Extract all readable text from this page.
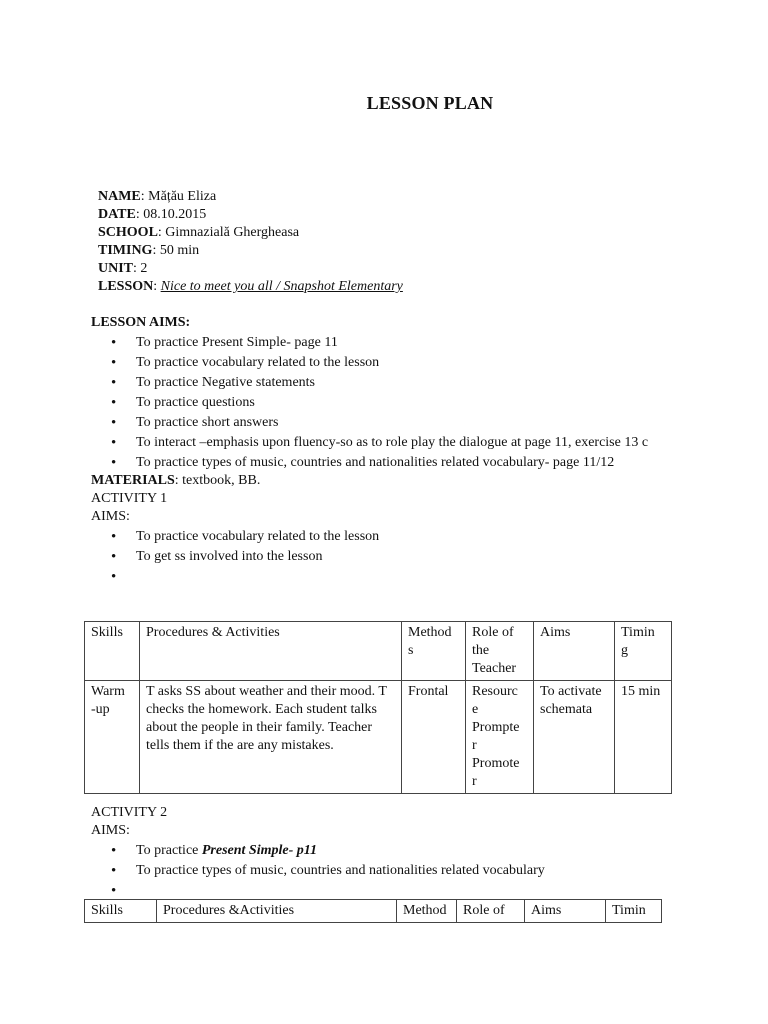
LESSON PLAN
NAME: Mățău Eliza
DATE: 08.10.2015
SCHOOL: Gimnazială Ghergheasa
TIMING: 50 min
UNIT: 2
LESSON: Nice to meet you all / Snapshot Elementary
LESSON AIMS:
• To practice Present Simple- page 11
• To practice vocabulary related to the lesson
• To practice Negative statements
• To practice questions
• To practice short answers
• To interact –emphasis upon fluency-so as to role play the dialogue at page 11, exercise 13 c
• To practice types of music, countries and nationalities related vocabulary- page 11/12
MATERIALS: textbook, BB.
ACTIVITY 1
AIMS:
• To practice vocabulary related to the lesson
• To get ss involved into the lesson
•
Skills	Procedures & Activities	Method s	Role of the Teacher	Aims	Timin g
Warm -up	T asks SS about weather and their mood. T checks the homework. Each student talks about the people in their family. Teacher tells them if the are any mistakes.	Frontal	Resourc e
Prompte r
Promote r	To activate schemata	15 min
ACTIVITY 2
AIMS:
• To practice Present Simple- p11
• To practice types of music, countries and nationalities related vocabulary
•
Skills	Procedures &Activities	Method	Role of	Aims	Timin
